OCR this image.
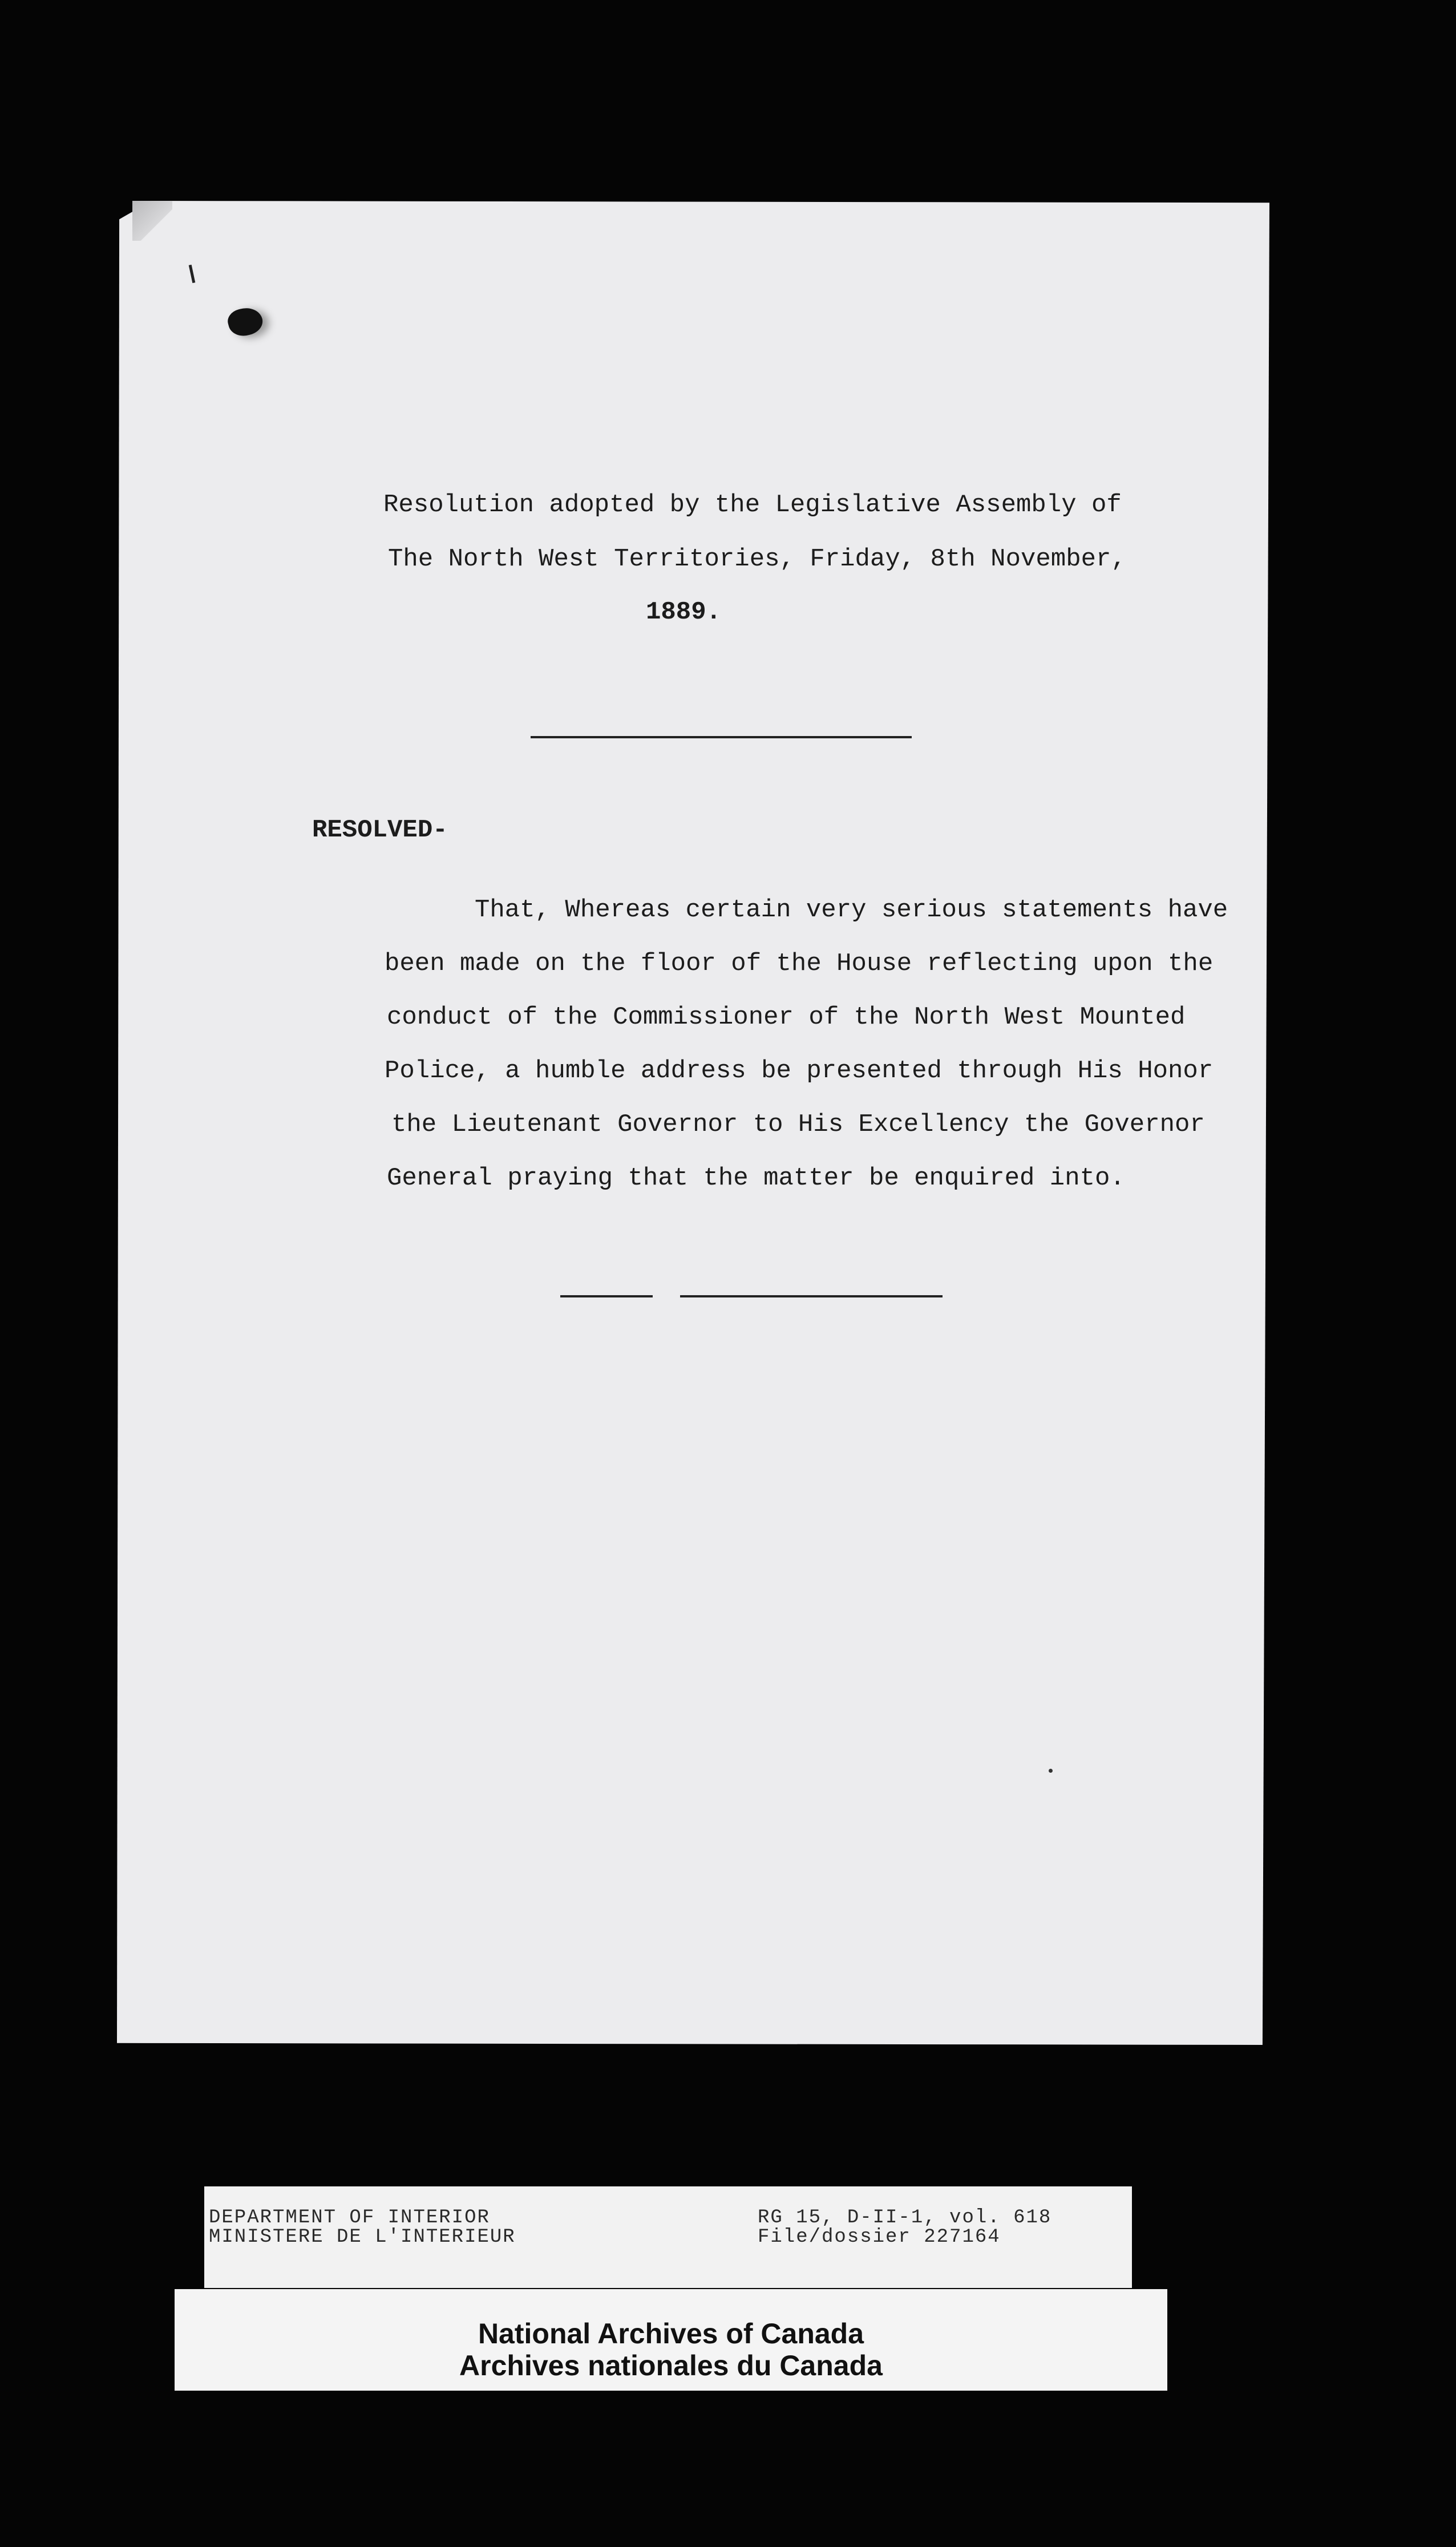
Resolution adopted by the Legislative Assembly of
The North West Territories, Friday, 8th November,
1889.
RESOLVED-
That, Whereas certain very serious statements have
been made on the floor of the House reflecting upon the
conduct of the Commissioner of the North West Mounted
Police, a humble address be presented through His Honor
the Lieutenant Governor to His Excellency the Governor
General praying that the matter be enquired into.
DEPARTMENT OF INTERIOR
MINISTERE DE L'INTERIEUR
RG 15, D-II-1, vol. 618
File/dossier 227164
National Archives of Canada
Archives nationales du Canada
